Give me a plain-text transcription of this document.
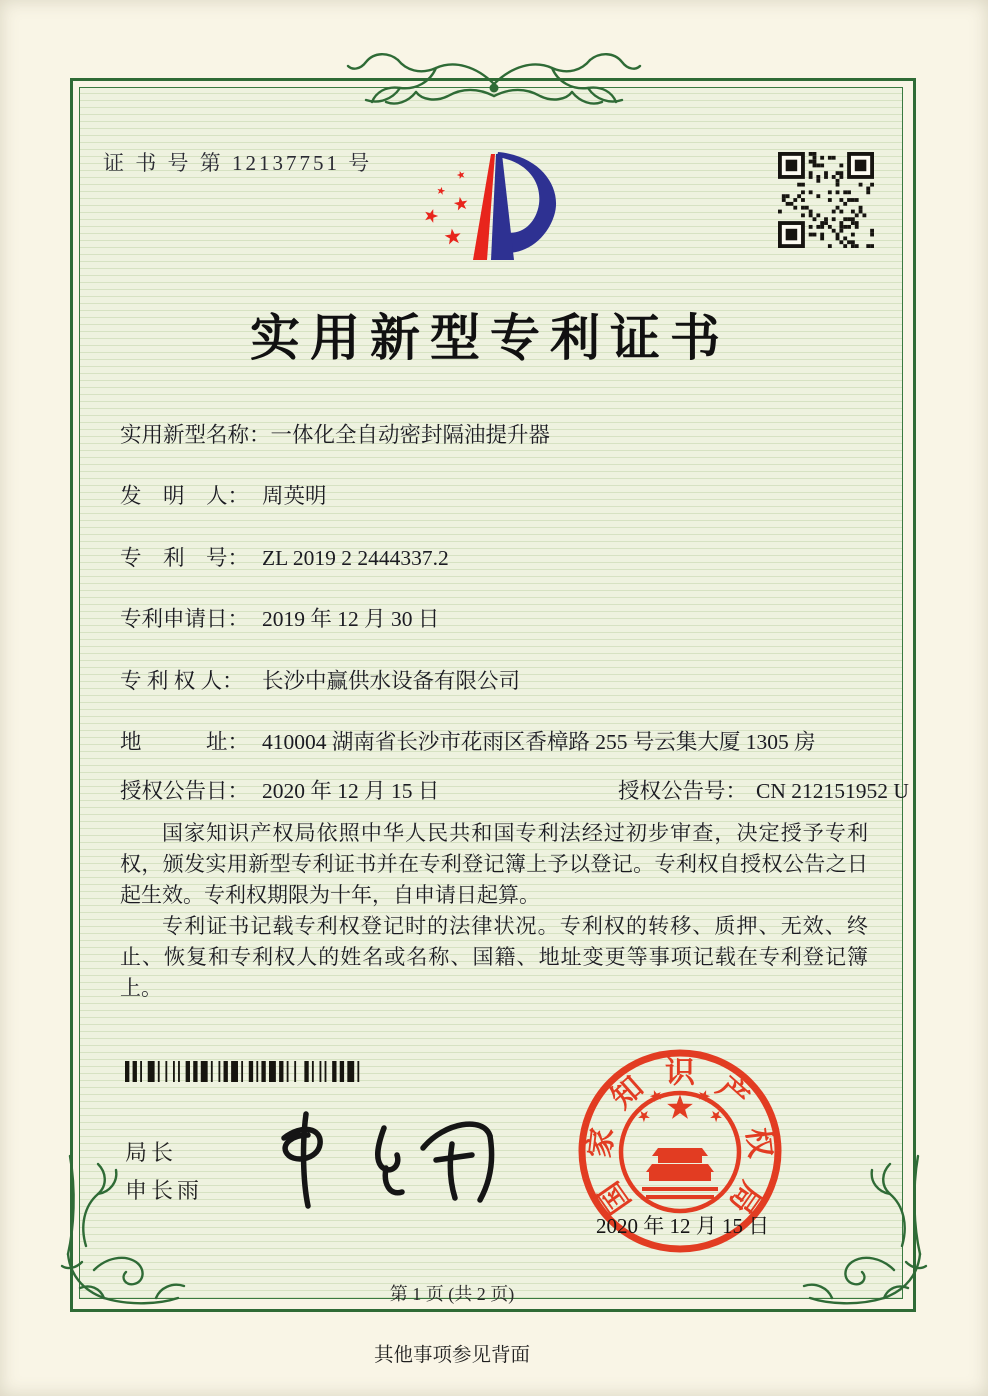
证 书 号 第 12137751 号
实用新型专利证书
实用新型名称：一体化全自动密封隔油提升器
发　明　人： 周英明
专　利　号： ZL 2019 2 2444337.2
专利申请日： 2019 年 12 月 30 日
专 利 权 人： 长沙中赢供水设备有限公司
地　　　址： 410004 湖南省长沙市花雨区香樟路 255 号云集大厦 1305 房
授权公告日： 2020 年 12 月 15 日	授权公告号： CN 212151952 U

国家知识产权局依照中华人民共和国专利法经过初步审查，决定授予专利权，颁发实用新型专利证书并在专利登记簿上予以登记。专利权自授权公告之日起生效。专利权期限为十年，自申请日起算。

专利证书记载专利权登记时的法律状况。专利权的转移、质押、无效、终止、恢复和专利权人的姓名或名称、国籍、地址变更等事项记载在专利登记簿上。

局长
申长雨	国
家
知 识 产
权
局
2020 年 12 月 15 日
第 1 页 (共 2 页)
其他事项参见背面
